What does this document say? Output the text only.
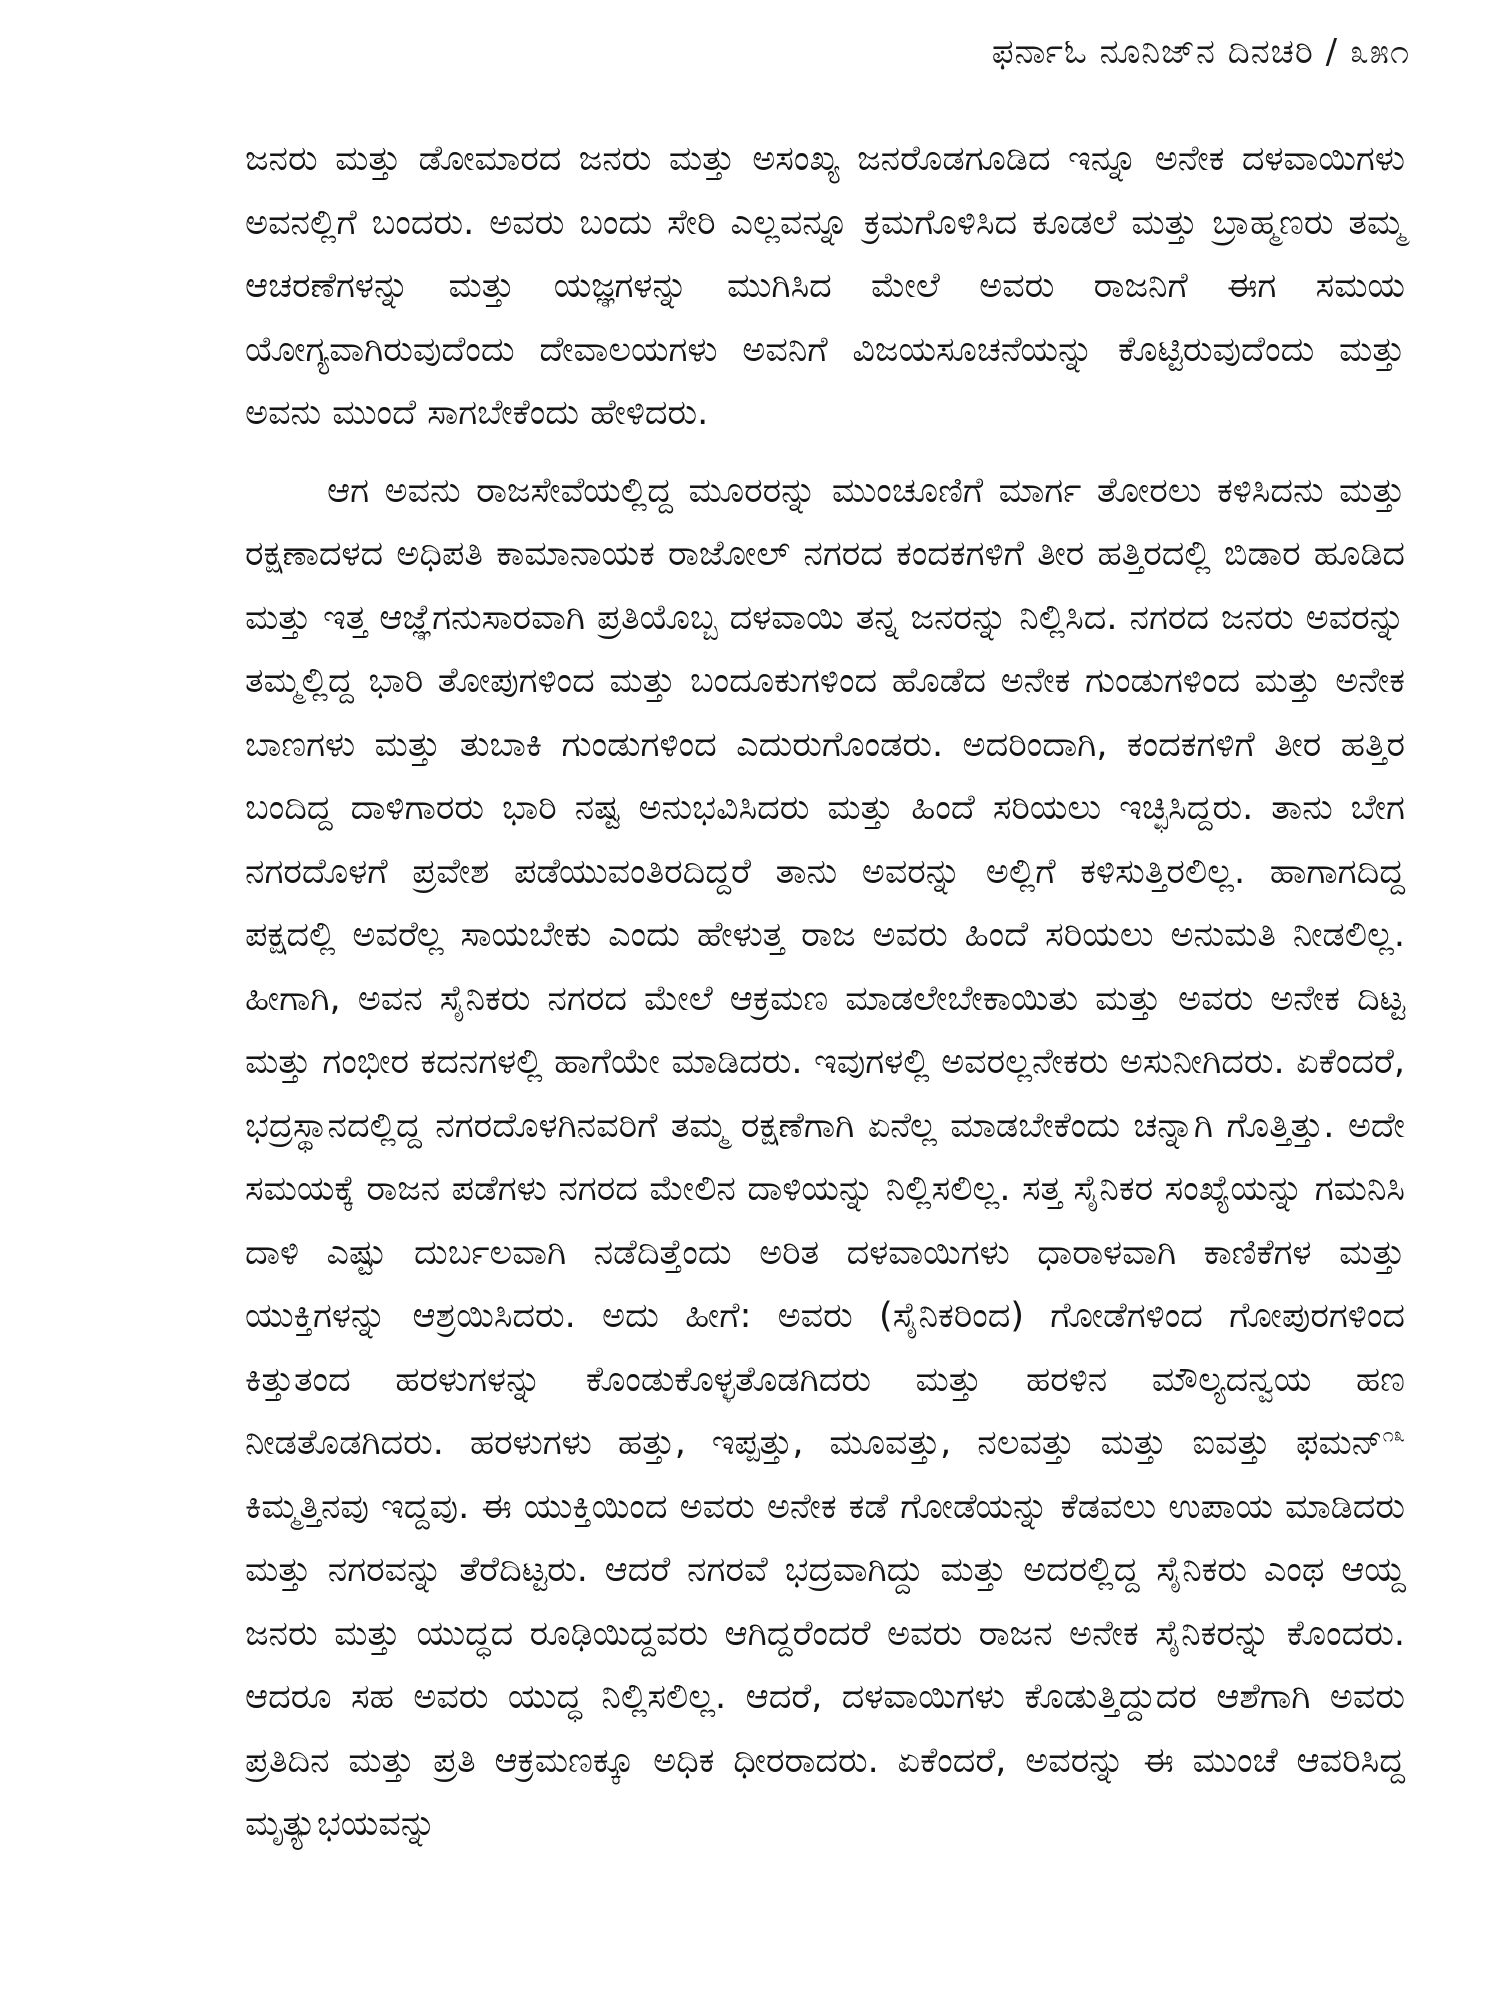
ಫರ್ನಾಓ ನೂನಿಜ್‌ನ ದಿನಚರಿ / ೩೫೧

ಜನರು ಮತ್ತು ಡೋಮಾರದ ಜನರು ಮತ್ತು ಅಸಂಖ್ಯ ಜನರೊಡಗೂಡಿದ ಇನ್ನೂ ಅನೇಕ ದಳವಾಯಿಗಳು ಅವನಲ್ಲಿಗೆ ಬಂದರು. ಅವರು ಬಂದು ಸೇರಿ ಎಲ್ಲವನ್ನೂ ಕ್ರಮಗೊಳಿಸಿದ ಕೂಡಲೆ ಮತ್ತು ಬ್ರಾಹ್ಮಣರು ತಮ್ಮ ಆಚರಣೆಗಳನ್ನು ಮತ್ತು ಯಜ್ಞಗಳನ್ನು ಮುಗಿಸಿದ ಮೇಲೆ ಅವರು ರಾಜನಿಗೆ ಈಗ ಸಮಯ ಯೋಗ್ಯವಾಗಿರುವುದೆಂದು ದೇವಾಲಯಗಳು ಅವನಿಗೆ ವಿಜಯಸೂಚನೆಯನ್ನು ಕೊಟ್ಟಿರುವುದೆಂದು ಮತ್ತು ಅವನು ಮುಂದೆ ಸಾಗಬೇಕೆಂದು ಹೇಳಿದರು.

ಆಗ ಅವನು ರಾಜಸೇವೆಯಲ್ಲಿದ್ದ ಮೂರರನ್ನು ಮುಂಚೂಣಿಗೆ ಮಾರ್ಗ ತೋರಲು ಕಳಿಸಿದನು ಮತ್ತು ರಕ್ಷಣಾದಳದ ಅಧಿಪತಿ ಕಾಮಾನಾಯಕ ರಾಜೋಲ್ ನಗರದ ಕಂದಕಗಳಿಗೆ ತೀರ ಹತ್ತಿರದಲ್ಲಿ ಬಿಡಾರ ಹೂಡಿದ ಮತ್ತು ಇತ್ತ ಆಜ್ಞೆಗನುಸಾರವಾಗಿ ಪ್ರತಿಯೊಬ್ಬ ದಳವಾಯಿ ತನ್ನ ಜನರನ್ನು ನಿಲ್ಲಿಸಿದ. ನಗರದ ಜನರು ಅವರನ್ನು ತಮ್ಮಲ್ಲಿದ್ದ ಭಾರಿ ತೋಪುಗಳಿಂದ ಮತ್ತು ಬಂದೂಕುಗಳಿಂದ ಹೊಡೆದ ಅನೇಕ ಗುಂಡುಗಳಿಂದ ಮತ್ತು ಅನೇಕ ಬಾಣಗಳು ಮತ್ತು ತುಬಾಕಿ ಗುಂಡುಗಳಿಂದ ಎದುರುಗೊಂಡರು. ಅದರಿಂದಾಗಿ, ಕಂದಕಗಳಿಗೆ ತೀರ ಹತ್ತಿರ ಬಂದಿದ್ದ ದಾಳಿಗಾರರು ಭಾರಿ ನಷ್ಟ ಅನುಭವಿಸಿದರು ಮತ್ತು ಹಿಂದೆ ಸರಿಯಲು ಇಚ್ಛಿಸಿದ್ದರು. ತಾನು ಬೇಗ ನಗರದೊಳಗೆ ಪ್ರವೇಶ ಪಡೆಯುವಂತಿರದಿದ್ದರೆ ತಾನು ಅವರನ್ನು ಅಲ್ಲಿಗೆ ಕಳಿಸುತ್ತಿರಲಿಲ್ಲ. ಹಾಗಾಗದಿದ್ದ ಪಕ್ಷದಲ್ಲಿ ಅವರೆಲ್ಲ ಸಾಯಬೇಕು ಎಂದು ಹೇಳುತ್ತ ರಾಜ ಅವರು ಹಿಂದೆ ಸರಿಯಲು ಅನುಮತಿ ನೀಡಲಿಲ್ಲ. ಹೀಗಾಗಿ, ಅವನ ಸೈನಿಕರು ನಗರದ ಮೇಲೆ ಆಕ್ರಮಣ ಮಾಡಲೇಬೇಕಾಯಿತು ಮತ್ತು ಅವರು ಅನೇಕ ದಿಟ್ಟ ಮತ್ತು ಗಂಭೀರ ಕದನಗಳಲ್ಲಿ ಹಾಗೆಯೇ ಮಾಡಿದರು. ಇವುಗಳಲ್ಲಿ ಅವರಲ್ಲನೇಕರು ಅಸುನೀಗಿದರು. ಏಕೆಂದರೆ, ಭದ್ರಸ್ಥಾನದಲ್ಲಿದ್ದ ನಗರದೊಳಗಿನವರಿಗೆ ತಮ್ಮ ರಕ್ಷಣೆಗಾಗಿ ಏನೆಲ್ಲ ಮಾಡಬೇಕೆಂದು ಚನ್ನಾಗಿ ಗೊತ್ತಿತ್ತು. ಅದೇ ಸಮಯಕ್ಕೆ ರಾಜನ ಪಡೆಗಳು ನಗರದ ಮೇಲಿನ ದಾಳಿಯನ್ನು ನಿಲ್ಲಿಸಲಿಲ್ಲ. ಸತ್ತ ಸೈನಿಕರ ಸಂಖ್ಯೆಯನ್ನು ಗಮನಿಸಿ ದಾಳಿ ಎಷ್ಟು ದುರ್ಬಲವಾಗಿ ನಡೆದಿತ್ತೆಂದು ಅರಿತ ದಳವಾಯಿಗಳು ಧಾರಾಳವಾಗಿ ಕಾಣಿಕೆಗಳ ಮತ್ತು ಯುಕ್ತಿಗಳನ್ನು ಆಶ್ರಯಿಸಿದರು. ಅದು ಹೀಗೆ: ಅವರು (ಸೈನಿಕರಿಂದ) ಗೋಡೆಗಳಿಂದ ಗೋಪುರಗಳಿಂದ ಕಿತ್ತುತಂದ ಹರಳುಗಳನ್ನು ಕೊಂಡುಕೊಳ್ಳತೊಡಗಿದರು ಮತ್ತು ಹರಳಿನ ಮೌಲ್ಯದನ್ವಯ ಹಣ ನೀಡತೊಡಗಿದರು. ಹರಳುಗಳು ಹತ್ತು, ಇಪ್ಪತ್ತು, ಮೂವತ್ತು, ನಲವತ್ತು ಮತ್ತು ಐವತ್ತು ಫಮನ್$^{೧೩}$ ಕಿಮ್ಮತ್ತಿನವು ಇದ್ದವು. ಈ ಯುಕ್ತಿಯಿಂದ ಅವರು ಅನೇಕ ಕಡೆ ಗೋಡೆಯನ್ನು ಕೆಡವಲು ಉಪಾಯ ಮಾಡಿದರು ಮತ್ತು ನಗರವನ್ನು ತೆರೆದಿಟ್ಟರು. ಆದರೆ ನಗರವೆ ಭದ್ರವಾಗಿದ್ದು ಮತ್ತು ಅದರಲ್ಲಿದ್ದ ಸೈನಿಕರು ಎಂಥ ಆಯ್ದ ಜನರು ಮತ್ತು ಯುದ್ಧದ ರೂಢಿಯಿದ್ದವರು ಆಗಿದ್ದರೆಂದರೆ ಅವರು ರಾಜನ ಅನೇಕ ಸೈನಿಕರನ್ನು ಕೊಂದರು. ಆದರೂ ಸಹ ಅವರು ಯುದ್ಧ ನಿಲ್ಲಿಸಲಿಲ್ಲ. ಆದರೆ, ದಳವಾಯಿಗಳು ಕೊಡುತ್ತಿದ್ದುದರ ಆಶೆಗಾಗಿ ಅವರು ಪ್ರತಿದಿನ ಮತ್ತು ಪ್ರತಿ ಆಕ್ರಮಣಕ್ಕೂ ಅಧಿಕ ಧೀರರಾದರು. ಏಕೆಂದರೆ, ಅವರನ್ನು ಈ ಮುಂಚೆ ಆವರಿಸಿದ್ದ ಮೃತ್ಯುಭಯವನ್ನು
